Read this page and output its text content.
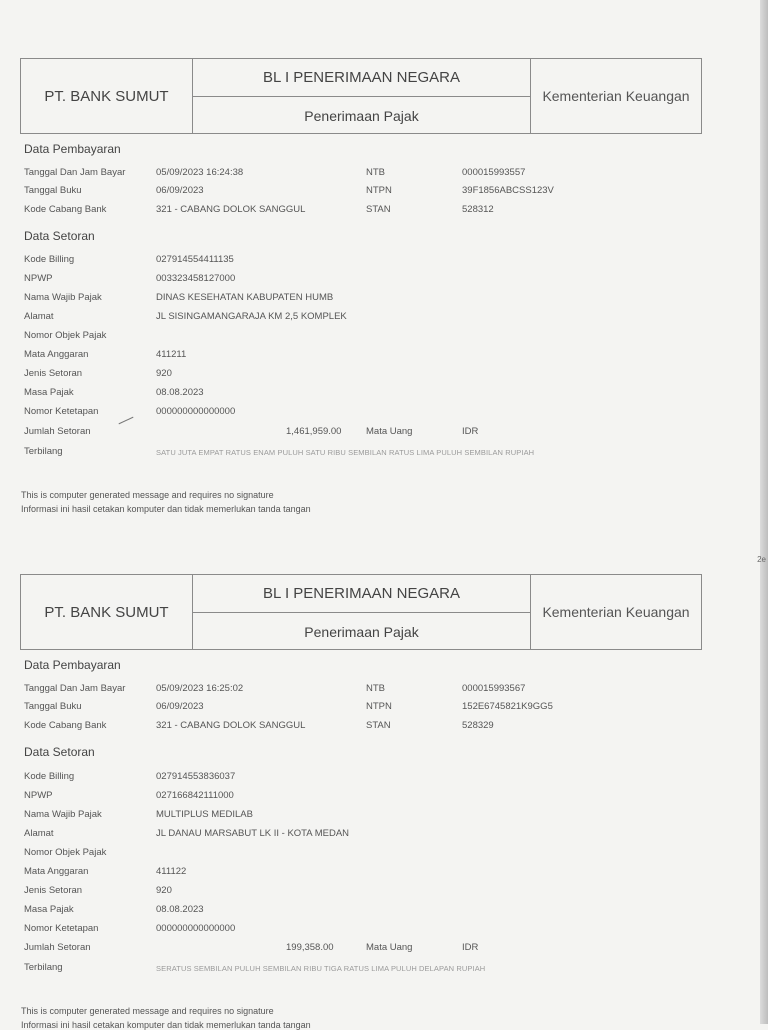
2e
PT. BANK SUMUT
BL I PENERIMAAN NEGARA
Penerimaan Pajak
Kementerian Keuangan
Data Pembayaran
Tanggal Dan Jam Bayar	05/09/2023 16:24:38	NTB	000015993557
Tanggal Buku	06/09/2023	NTPN	39F1856ABCSS123V
Kode Cabang Bank	321 - CABANG DOLOK SANGGUL	STAN	528312
Data Setoran
Kode Billing	027914554411135
NPWP	003323458127000
Nama Wajib Pajak	DINAS KESEHATAN KABUPATEN HUMB
Alamat	JL SISINGAMANGARAJA KM 2,5 KOMPLEK
Nomor Objek Pajak
Mata Anggaran	411211
Jenis Setoran	920
Masa Pajak	08.08.2023
Nomor Ketetapan	000000000000000
Jumlah Setoran	1,461,959.00	Mata Uang	IDR
Terbilang	SATU JUTA EMPAT RATUS ENAM PULUH SATU RIBU SEMBILAN RATUS LIMA PULUH SEMBILAN RUPIAH
This is computer generated message and requires no signature
Informasi ini hasil cetakan komputer dan tidak memerlukan tanda tangan
PT. BANK SUMUT
BL I PENERIMAAN NEGARA
Penerimaan Pajak
Kementerian Keuangan
Data Pembayaran
Tanggal Dan Jam Bayar	05/09/2023 16:25:02	NTB	000015993567
Tanggal Buku	06/09/2023	NTPN	152E6745821K9GG5
Kode Cabang Bank	321 - CABANG DOLOK SANGGUL	STAN	528329
Data Setoran
Kode Billing	027914553836037
NPWP	027166842111000
Nama Wajib Pajak	MULTIPLUS MEDILAB
Alamat	JL DANAU MARSABUT LK II - KOTA MEDAN
Nomor Objek Pajak
Mata Anggaran	411122
Jenis Setoran	920
Masa Pajak	08.08.2023
Nomor Ketetapan	000000000000000
Jumlah Setoran	199,358.00	Mata Uang	IDR
Terbilang	SERATUS SEMBILAN PULUH SEMBILAN RIBU TIGA RATUS LIMA PULUH DELAPAN RUPIAH
This is computer generated message and requires no signature
Informasi ini hasil cetakan komputer dan tidak memerlukan tanda tangan
